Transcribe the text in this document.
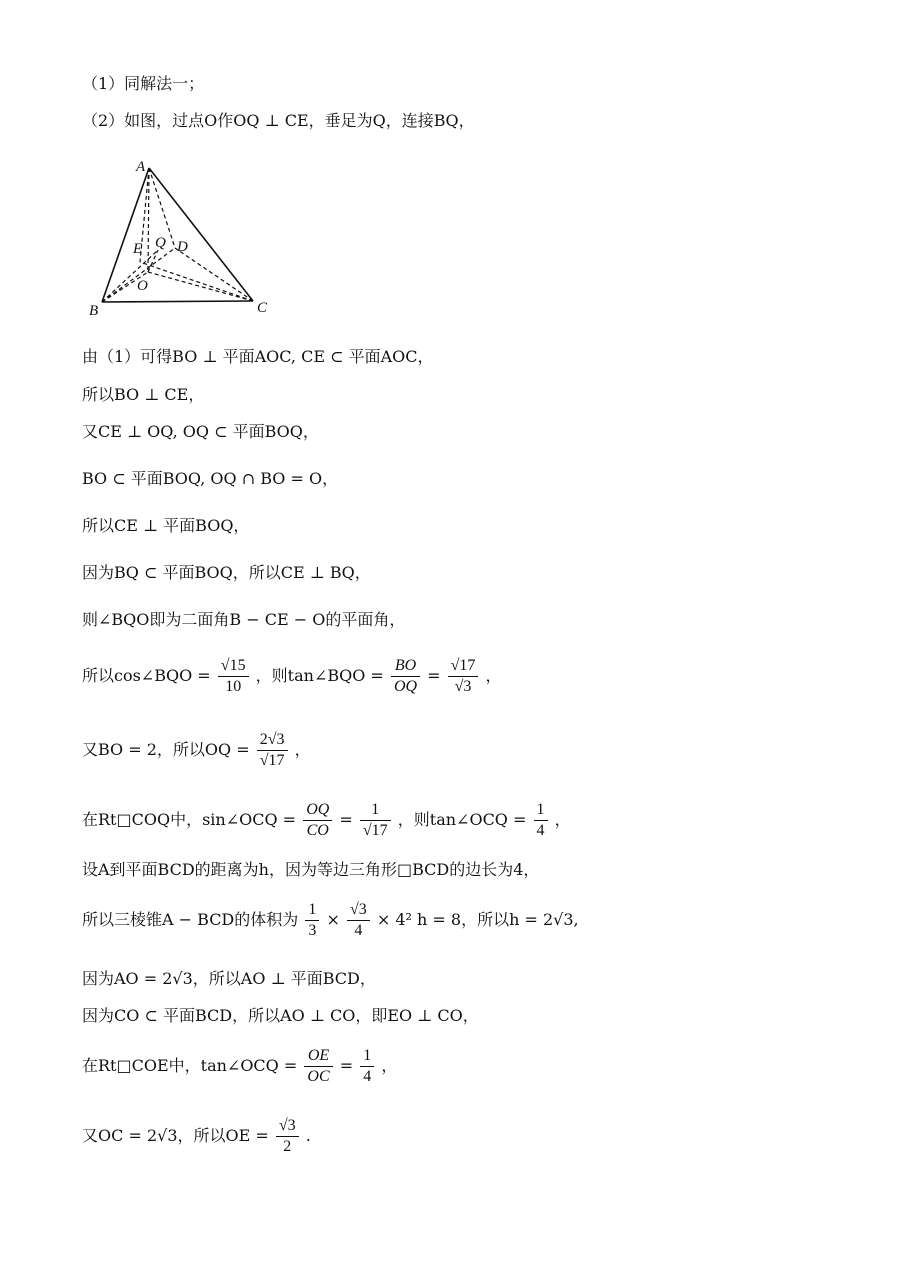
（1）同解法一；
（2）如图，过点O作OQ ⊥ CE，垂足为Q，连接BQ，
A
B	C
D
E Q
O
由（1）可得BO ⊥ 平面AOC, CE ⊂ 平面AOC，
所以BO ⊥ CE，
又CE ⊥ OQ, OQ ⊂ 平面BOQ，
BO ⊂ 平面BOQ, OQ ∩ BO = O，
所以CE ⊥ 平面BOQ，
因为BQ ⊂ 平面BOQ，所以CE ⊥ BQ，
则∠BQO即为二面角B − CE − O的平面角，
所以cos∠BQO = $\frac{√15}{10}$ ，则tan∠BQO = $\frac{BO}{OQ} = \frac{√17}{√3}$ ，
又BO = 2，所以OQ = $\frac{2√3}{√17}$ ，
在Rt□COQ中，sin∠OCQ = $\frac{OQ}{CO} = \frac{1}{√17}$ ，则tan∠OCQ = $\frac{1}{4}$ ，
设A到平面BCD的距离为h，因为等边三角形□BCD的边长为4，
所以三棱锥A − BCD的体积为 $\frac{1}{3} \times \frac{√3}{4} \times 4^2$ h = 8，所以h = 2√3,
因为AO = 2√3，所以AO ⊥ 平面BCD，
因为CO ⊂ 平面BCD，所以AO ⊥ CO，即EO ⊥ CO，
在Rt□COE中，tan∠OCQ = $\frac{OE}{OC} = \frac{1}{4}$ ，
又OC = 2√3，所以OE = $\frac{√3}{2}$ .
